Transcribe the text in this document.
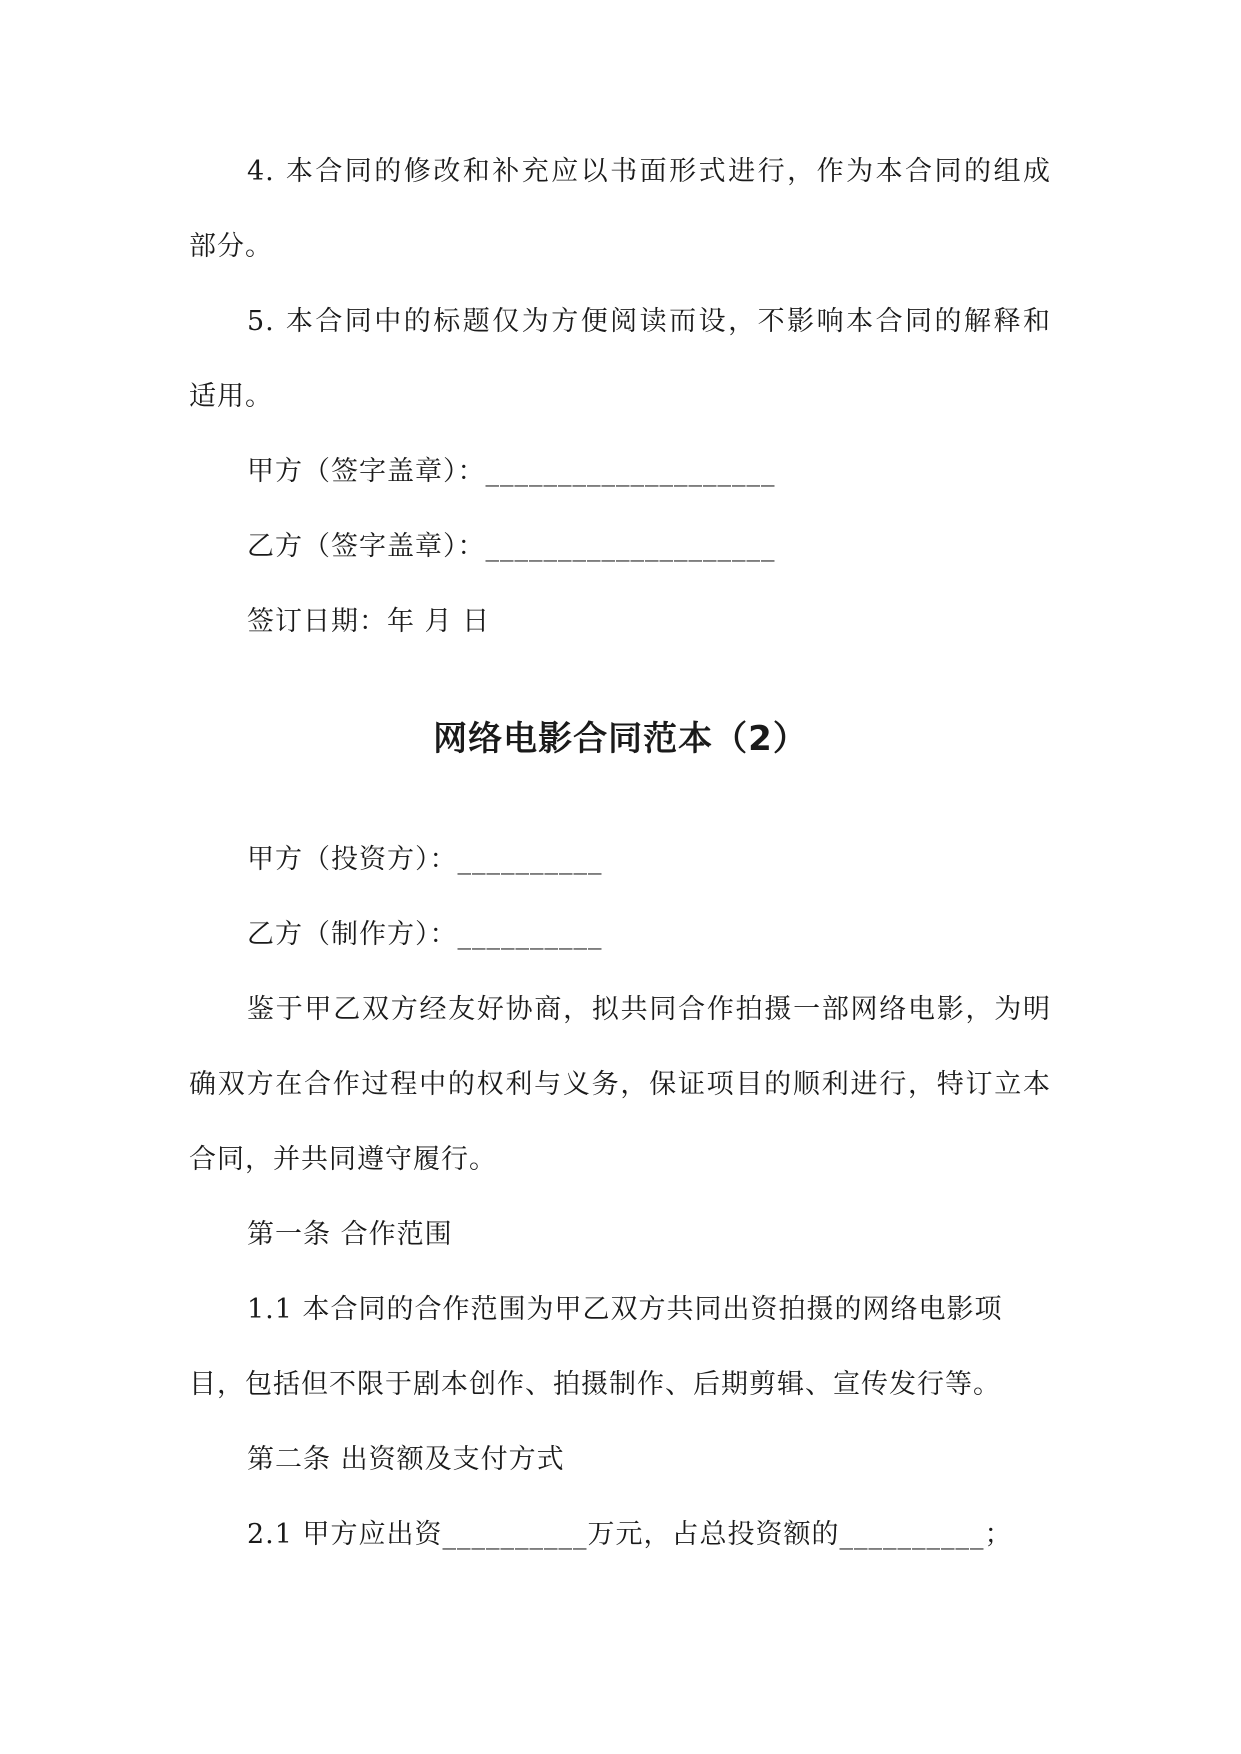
4. 本合同的修改和补充应以书面形式进行，作为本合同的组成
部分。
5. 本合同中的标题仅为方便阅读而设，不影响本合同的解释和
适用。
甲方（签字盖章）：____________________
乙方（签字盖章）：____________________
签订日期：年 月 日
网络电影合同范本（2）
甲方（投资方）：__________
乙方（制作方）：__________
鉴于甲乙双方经友好协商，拟共同合作拍摄一部网络电影，为明
确双方在合作过程中的权利与义务，保证项目的顺利进行，特订立本
合同，并共同遵守履行。
第一条 合作范围
1.1 本合同的合作范围为甲乙双方共同出资拍摄的网络电影项
目，包括但不限于剧本创作、拍摄制作、后期剪辑、宣传发行等。
第二条 出资额及支付方式
2.1 甲方应出资__________万元，占总投资额的__________；
